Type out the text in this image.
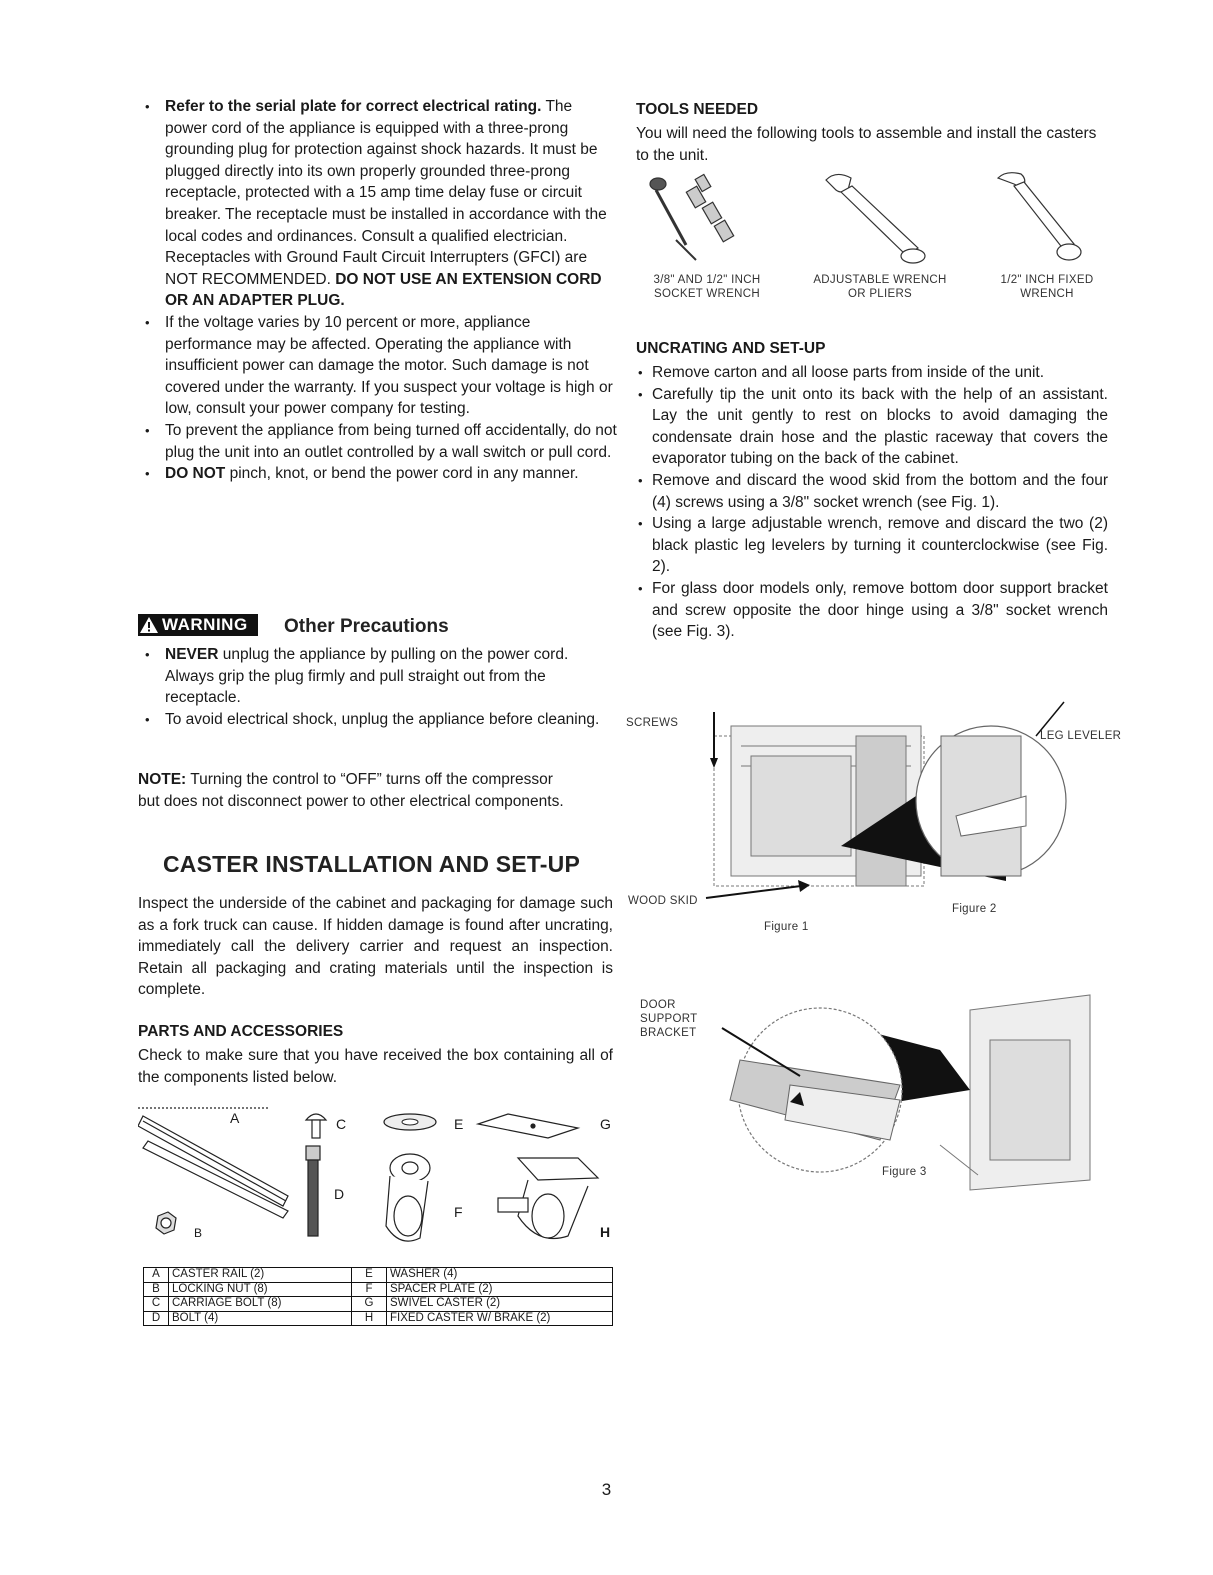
• Refer to the serial plate for correct electrical rating. The power cord of the appliance is equipped with a three-prong grounding plug for protection against shock hazards. It must be plugged directly into its own properly grounded three-prong receptacle, protected with a 15 amp time delay fuse or circuit breaker. The receptacle must be installed in accordance with the local codes and ordinances. Consult a qualified electrician. Receptacles with Ground Fault Circuit Interrupters (GFCI) are NOT RECOMMENDED. DO NOT USE AN EXTENSION CORD OR AN ADAPTER PLUG.
• If the voltage varies by 10 percent or more, appliance performance may be affected. Operating the appliance with insufficient power can damage the motor. Such damage is not covered under the warranty. If you suspect your voltage is high or low, consult your power company for testing.
• To prevent the appliance from being turned off accidentally, do not plug the unit into an outlet controlled by a wall switch or pull cord.
• DO NOT pinch, knot, or bend the power cord in any manner.
WARNING Other Precautions
• NEVER unplug the appliance by pulling on the power cord. Always grip the plug firmly and pull straight out from the receptacle.
• To avoid electrical shock, unplug the appliance before cleaning.
NOTE: Turning the control to “OFF” turns off the compressor but does not disconnect power to other electrical components.
CASTER INSTALLATION AND SET-UP
Inspect the underside of the cabinet and packaging for damage such as a fork truck can cause. If hidden damage is found after uncrating, immediately call the delivery carrier and request an inspection. Retain all packaging and crating materials until the inspection is complete.
PARTS AND ACCESSORIES
Check to make sure that you have received the box containing all of the components listed below.
A
B
C
D
E
F
G
H
A	CASTER RAIL (2)	E	WASHER (4)
B	LOCKING NUT (8)	F	SPACER PLATE (2)
C	CARRIAGE BOLT (8)	G	SWIVEL CASTER (2)
D	BOLT (4)	H	FIXED CASTER W/ BRAKE (2)
TOOLS NEEDED
You will need the following tools to assemble and install the casters to the unit.
3/8" AND 1/2" INCH
SOCKET WRENCH
ADJUSTABLE WRENCH
OR PLIERS
1/2" INCH FIXED
WRENCH
UNCRATING AND SET-UP
• Remove carton and all loose parts from inside of the unit.
• Carefully tip the unit onto its back with the help of an assistant. Lay the unit gently to rest on blocks to avoid damaging the condensate drain hose and the plastic raceway that covers the evaporator tubing on the back of the cabinet.
• Remove and discard the wood skid from the bottom and the four (4) screws using a 3/8" socket wrench (see Fig. 1).
• Using a large adjustable wrench, remove and discard the two (2) black plastic leg levelers by turning it counterclockwise (see Fig. 2).
• For glass door models only, remove bottom door support bracket and screw opposite the door hinge using a 3/8" socket wrench (see Fig. 3).
SCREWS
LEG LEVELER
WOOD SKID
Figure 1
Figure 2
DOOR
SUPPORT
BRACKET
Figure 3
3
